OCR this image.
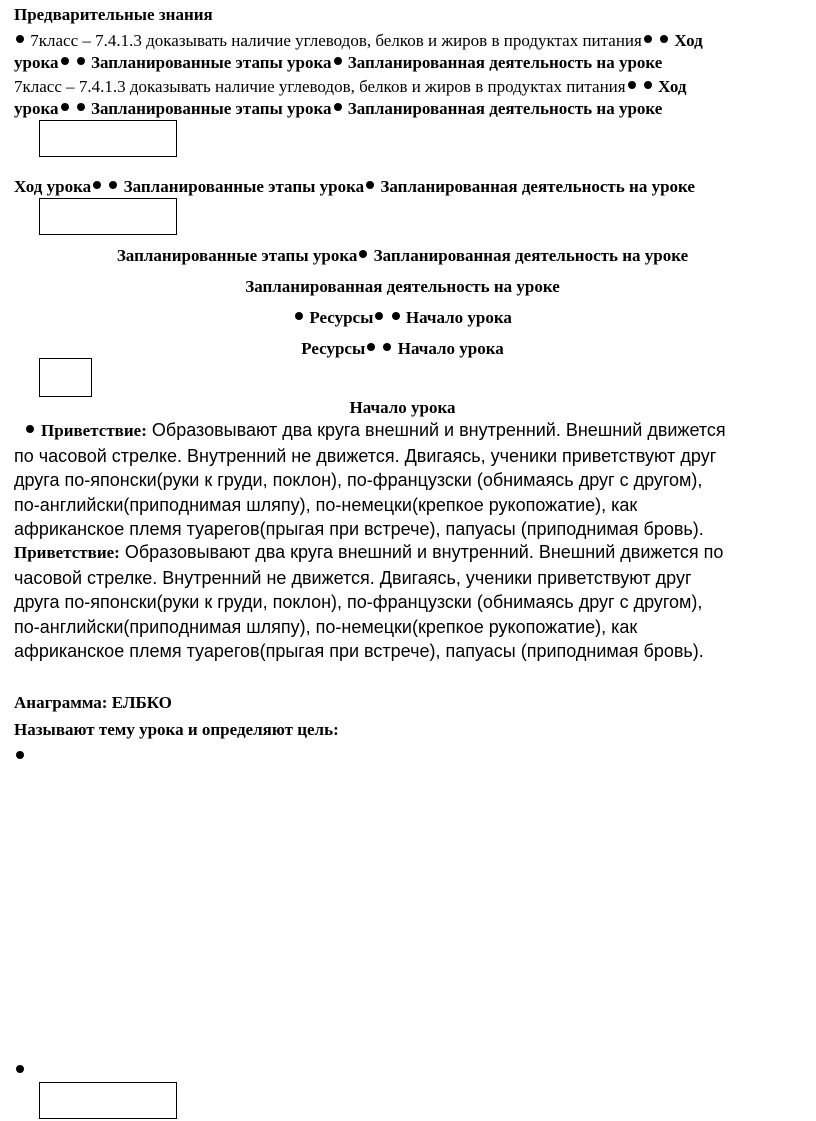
Предварительные знания
7класс – 7.4.1.3 доказывать наличие углеводов, белков и жиров в продуктах питания Ход
урока Запланированные этапы урока Запланированная деятельность на уроке
7класс – 7.4.1.3 доказывать наличие углеводов, белков и жиров в продуктах питания Ход
урока Запланированные этапы урока Запланированная деятельность на уроке
Ход урока Запланированные этапы урока Запланированная деятельность на уроке
Запланированные этапы урока Запланированная деятельность на уроке
Запланированная деятельность на уроке
Ресурсы Начало урока
Ресурсы Начало урока
Начало урока

Приветствие: Образовывают два круга внешний и внутренний. Внешний движется

по часовой стрелке. Внутренний не движется. Двигаясь, ученики приветствуют друг

друга по-японски(руки к груди, поклон), по-французски (обнимаясь друг с другом),

по-английски(приподнимая шляпу), по-немецки(крепкое рукопожатие), как

африканское племя туарегов(прыгая при встрече), папуасы (приподнимая бровь).

Приветствие: Образовывают два круга внешний и внутренний. Внешний движется по

часовой стрелке. Внутренний не движется. Двигаясь, ученики приветствуют друг

друга по-японски(руки к груди, поклон), по-французски (обнимаясь друг с другом),

по-английски(приподнимая шляпу), по-немецки(крепкое рукопожатие), как

африканское племя туарегов(прыгая при встрече), папуасы (приподнимая бровь).

Анаграмма: ЕЛБКО
Называют тему урока и определяют цель:
